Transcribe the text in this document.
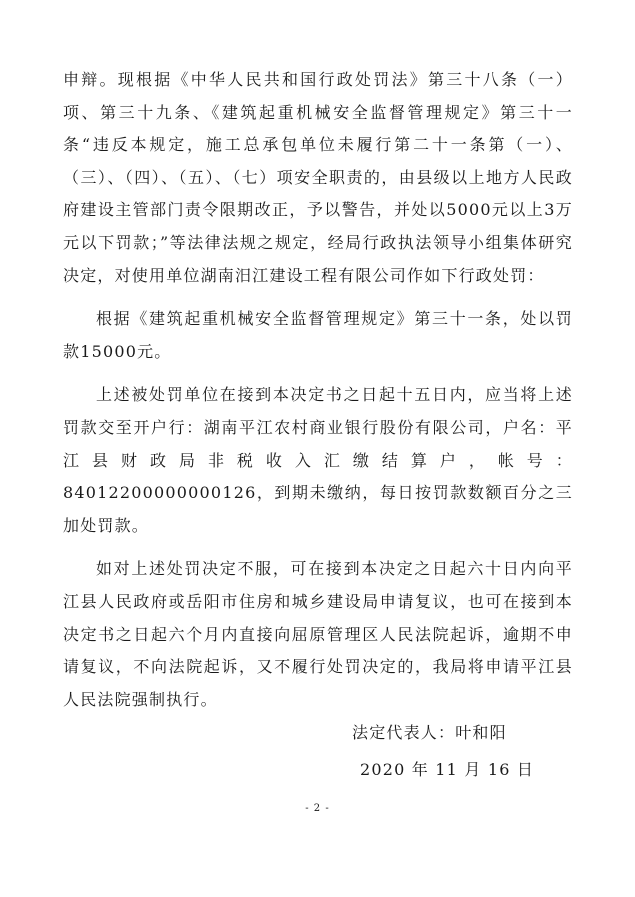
申辩。现根据《中华人民共和国行政处罚法》第三十八条（一）项、第三十九条、《建筑起重机械安全监督管理规定》第三十一条“违反本规定，施工总承包单位未履行第二十一条第（一）、（三）、（四）、（五）、（七）项安全职责的，由县级以上地方人民政府建设主管部门责令限期改正，予以警告，并处以5000元以上3万元以下罚款；”等法律法规之规定，经局行政执法领导小组集体研究决定，对使用单位湖南汨江建设工程有限公司作如下行政处罚：

根据《建筑起重机械安全监督管理规定》第三十一条，处以罚款15000元。

上述被处罚单位在接到本决定书之日起十五日内，应当将上述罚款交至开户行：湖南平江农村商业银行股份有限公司，户名：平江县财政局非税收入汇缴结算户，帐号：84012200000000126，到期未缴纳，每日按罚款数额百分之三加处罚款。

如对上述处罚决定不服，可在接到本决定之日起六十日内向平江县人民政府或岳阳市住房和城乡建设局申请复议，也可在接到本决定书之日起六个月内直接向屈原管理区人民法院起诉，逾期不申请复议，不向法院起诉，又不履行处罚决定的，我局将申请平江县人民法院强制执行。

法定代表人：叶和阳
2020 年 11 月 16 日
- 2 -
